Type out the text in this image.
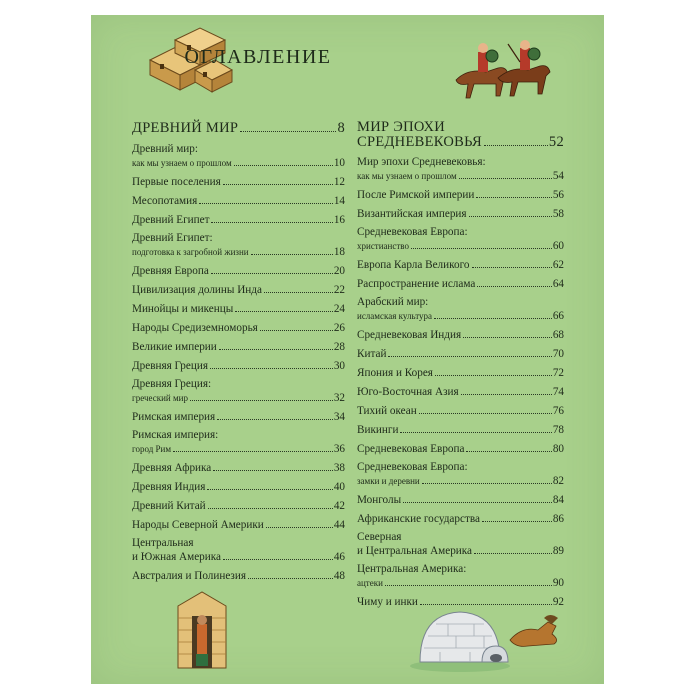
ОГЛАВЛЕНИЕ
ДРЕВНИЙ МИР	8
Древний мир:
как мы узнаем о прошлом	10
Первые поселения	12
Месопотамия	14
Древний Египет	16
Древний Египет:
подготовка к загробной жизни	18
Древняя Европа	20
Цивилизация долины Инда	22
Минойцы и микенцы	24
Народы Средиземноморья	26
Великие империи	28
Древняя Греция	30
Древняя Греция:
греческий мир	32
Римская империя	34
Римская империя:
город Рим	36
Древняя Африка	38
Древняя Индия	40
Древний Китай	42
Народы Северной Америки	44
Центральная
и Южная Америка	46
Австралия и Полинезия	48
МИР ЭПОХИ
СРЕДНЕВЕКОВЬЯ	52
Мир эпохи Средневековья:
как мы узнаем о прошлом	54
После Римской империи	56
Византийская империя	58
Средневековая Европа:
христианство	60
Европа Карла Великого	62
Распространение ислама	64
Арабский мир:
исламская культура	66
Средневековая Индия	68
Китай	70
Япония и Корея	72
Юго-Восточная Азия	74
Тихий океан	76
Викинги	78
Средневековая Европа	80
Средневековая Европа:
замки и деревни	82
Монголы	84
Африканские государства	86
Северная
и Центральная Америка	89
Центральная Америка:
ацтеки	90
Чиму и инки	92
